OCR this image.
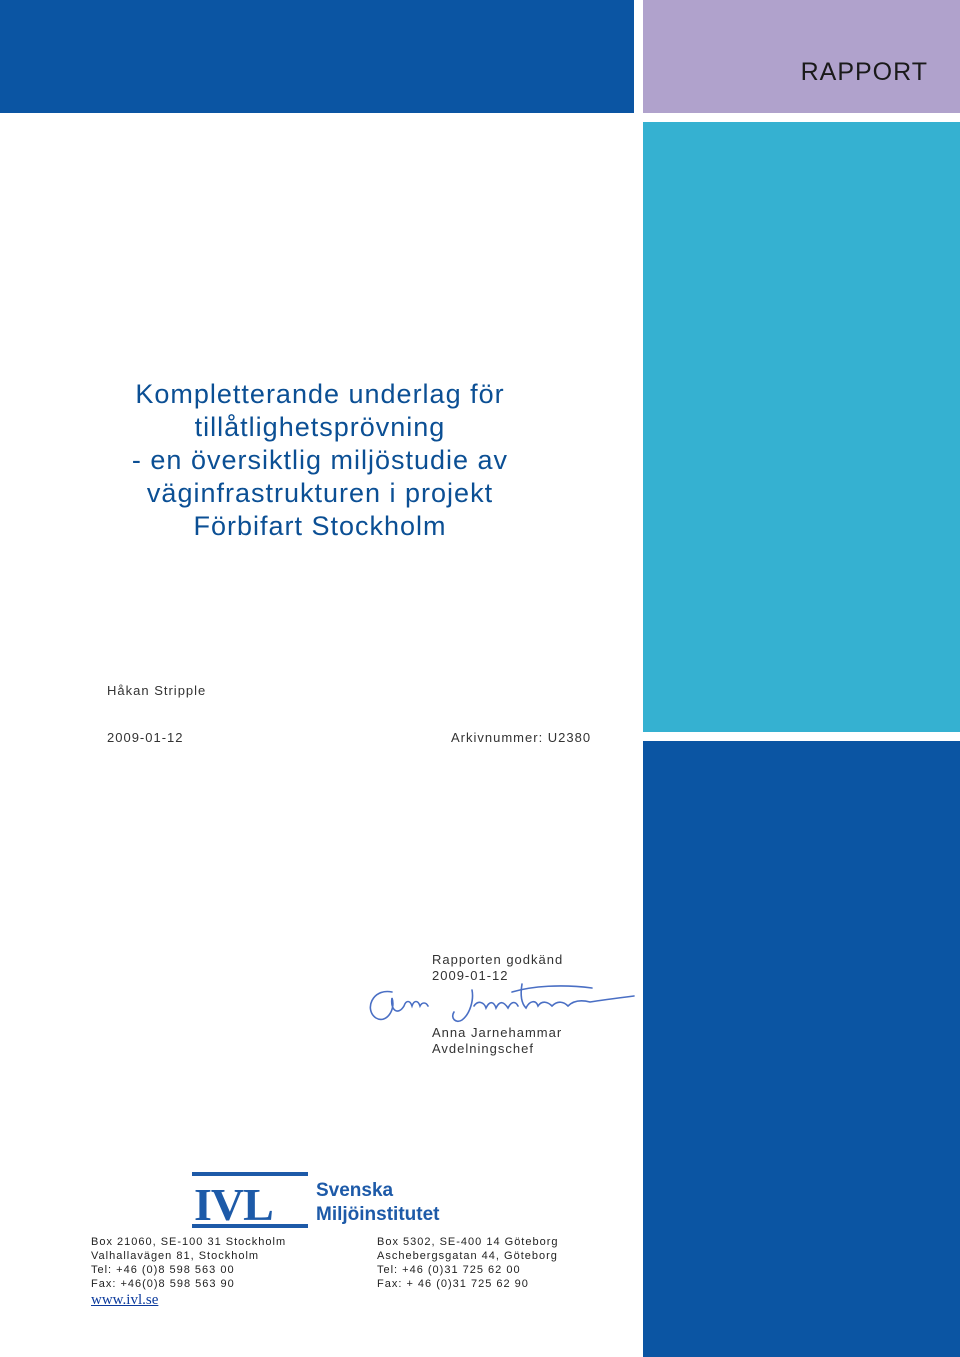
RAPPORT
Kompletterande underlag för
tillåtlighetsprövning
- en översiktlig miljöstudie av
väginfrastrukturen i projekt
Förbifart Stockholm
Håkan Stripple
2009-01-12	Arkivnummer: U2380
Rapporten godkänd
2009-01-12
Anna Jarnehammar
Avdelningschef
IVL Svenska
Miljöinstitutet
Box 21060, SE-100 31 Stockholm
Valhallavägen 81, Stockholm
Tel: +46 (0)8 598 563 00
Fax: +46(0)8 598 563 90
Box 5302, SE-400 14 Göteborg
Aschebergsgatan 44, Göteborg
Tel: +46 (0)31 725 62 00
Fax: + 46 (0)31 725 62 90
www.ivl.se
